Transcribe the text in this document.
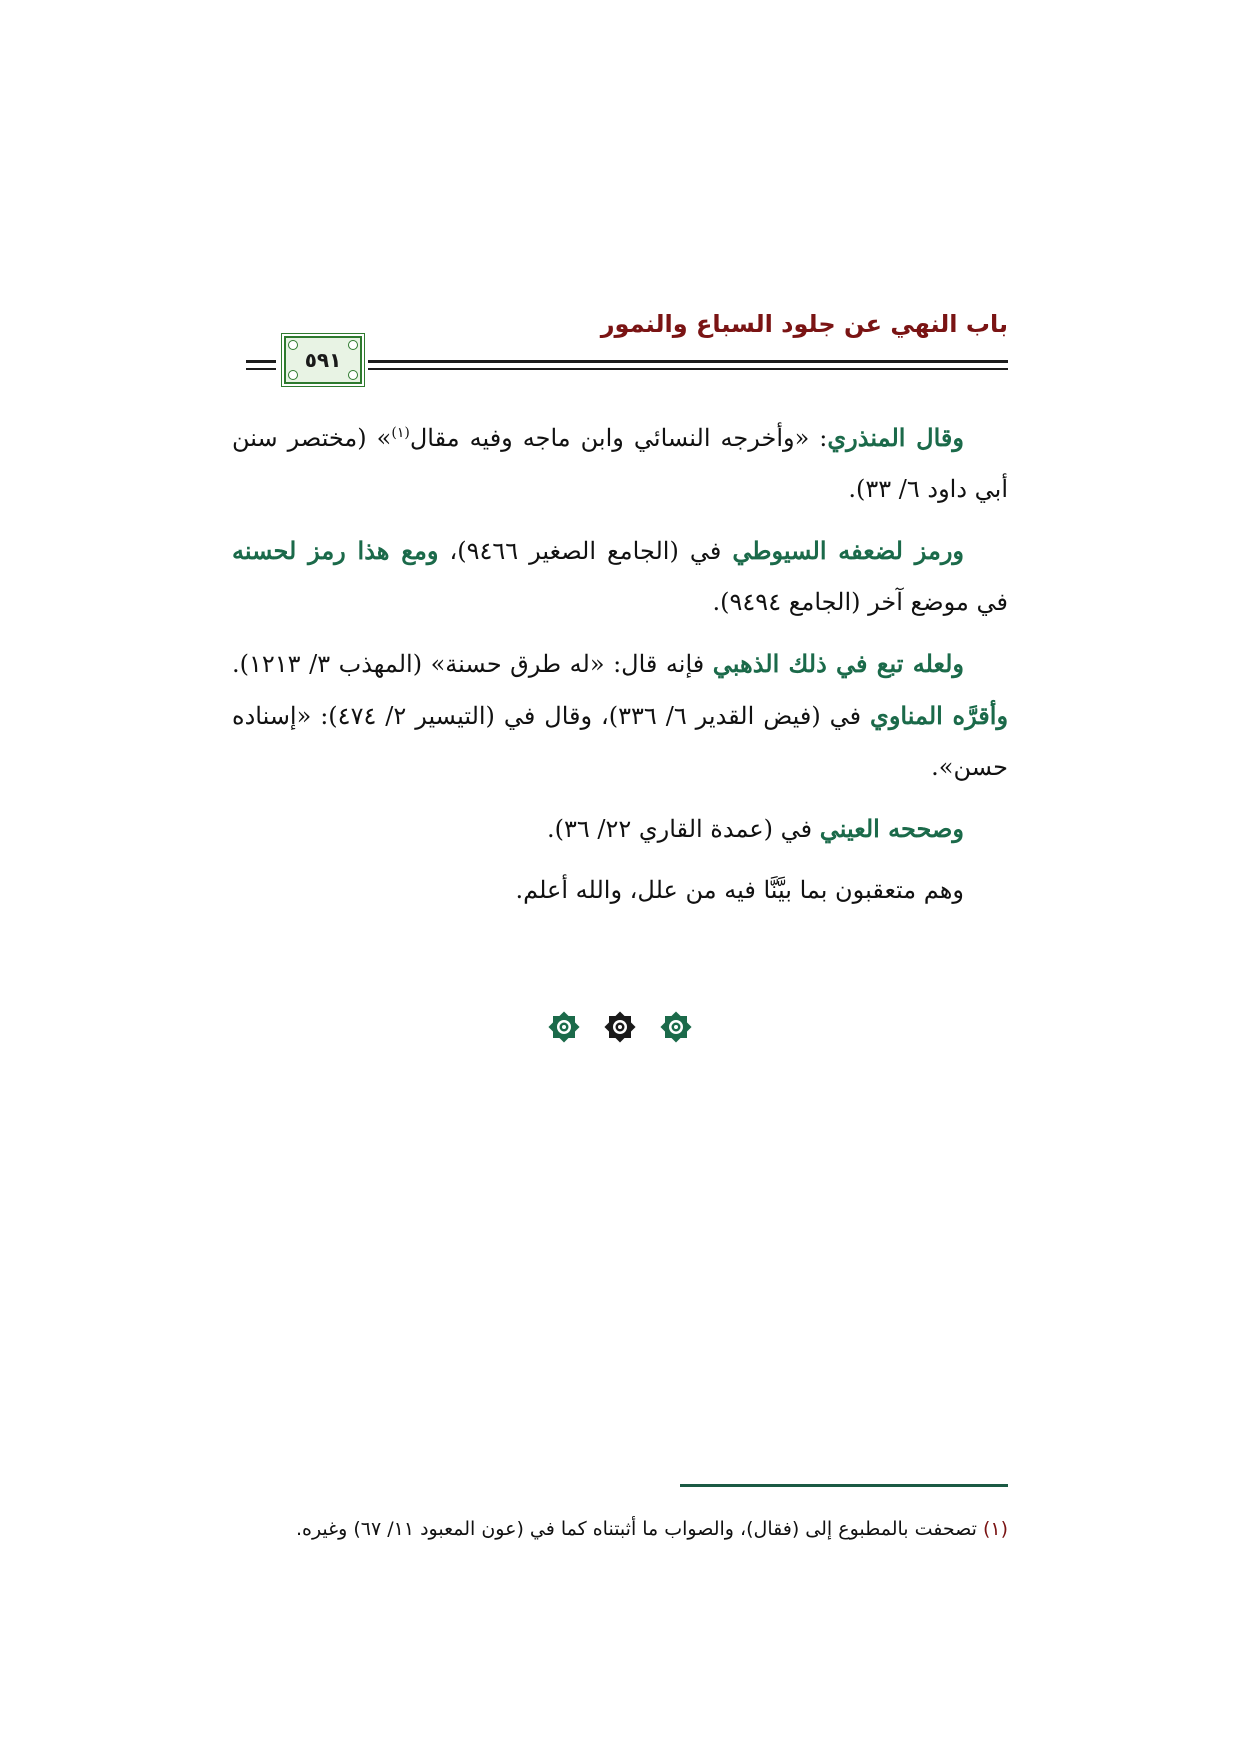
باب النهي عن جلود السباع والنمور
٥٩١

وقال المنذري: «وأخرجه النسائي وابن ماجه وفيه مقال$^{(١)}$» (مختصر سنن أبي داود ٦/ ٣٣).

ورمز لضعفه السيوطي في (الجامع الصغير ٩٤٦٦)، ومع هذا رمز لحسنه في موضع آخر (الجامع ٩٤٩٤).

ولعله تبع في ذلك الذهبي فإنه قال: «له طرق حسنة» (المهذب ٣/ ١٢١٣). وأقرَّه المناوي في (فيض القدير ٦/ ٣٣٦)، وقال في (التيسير ٢/ ٤٧٤): «إسناده حسن».

وصححه العيني في (عمدة القاري ٢٢/ ٣٦).

وهم متعقبون بما بيَّنَّا فيه من علل، والله أعلم.

(١) تصحفت بالمطبوع إلى (فقال)، والصواب ما أثبتناه كما في (عون المعبود ١١/ ٦٧) وغيره.
